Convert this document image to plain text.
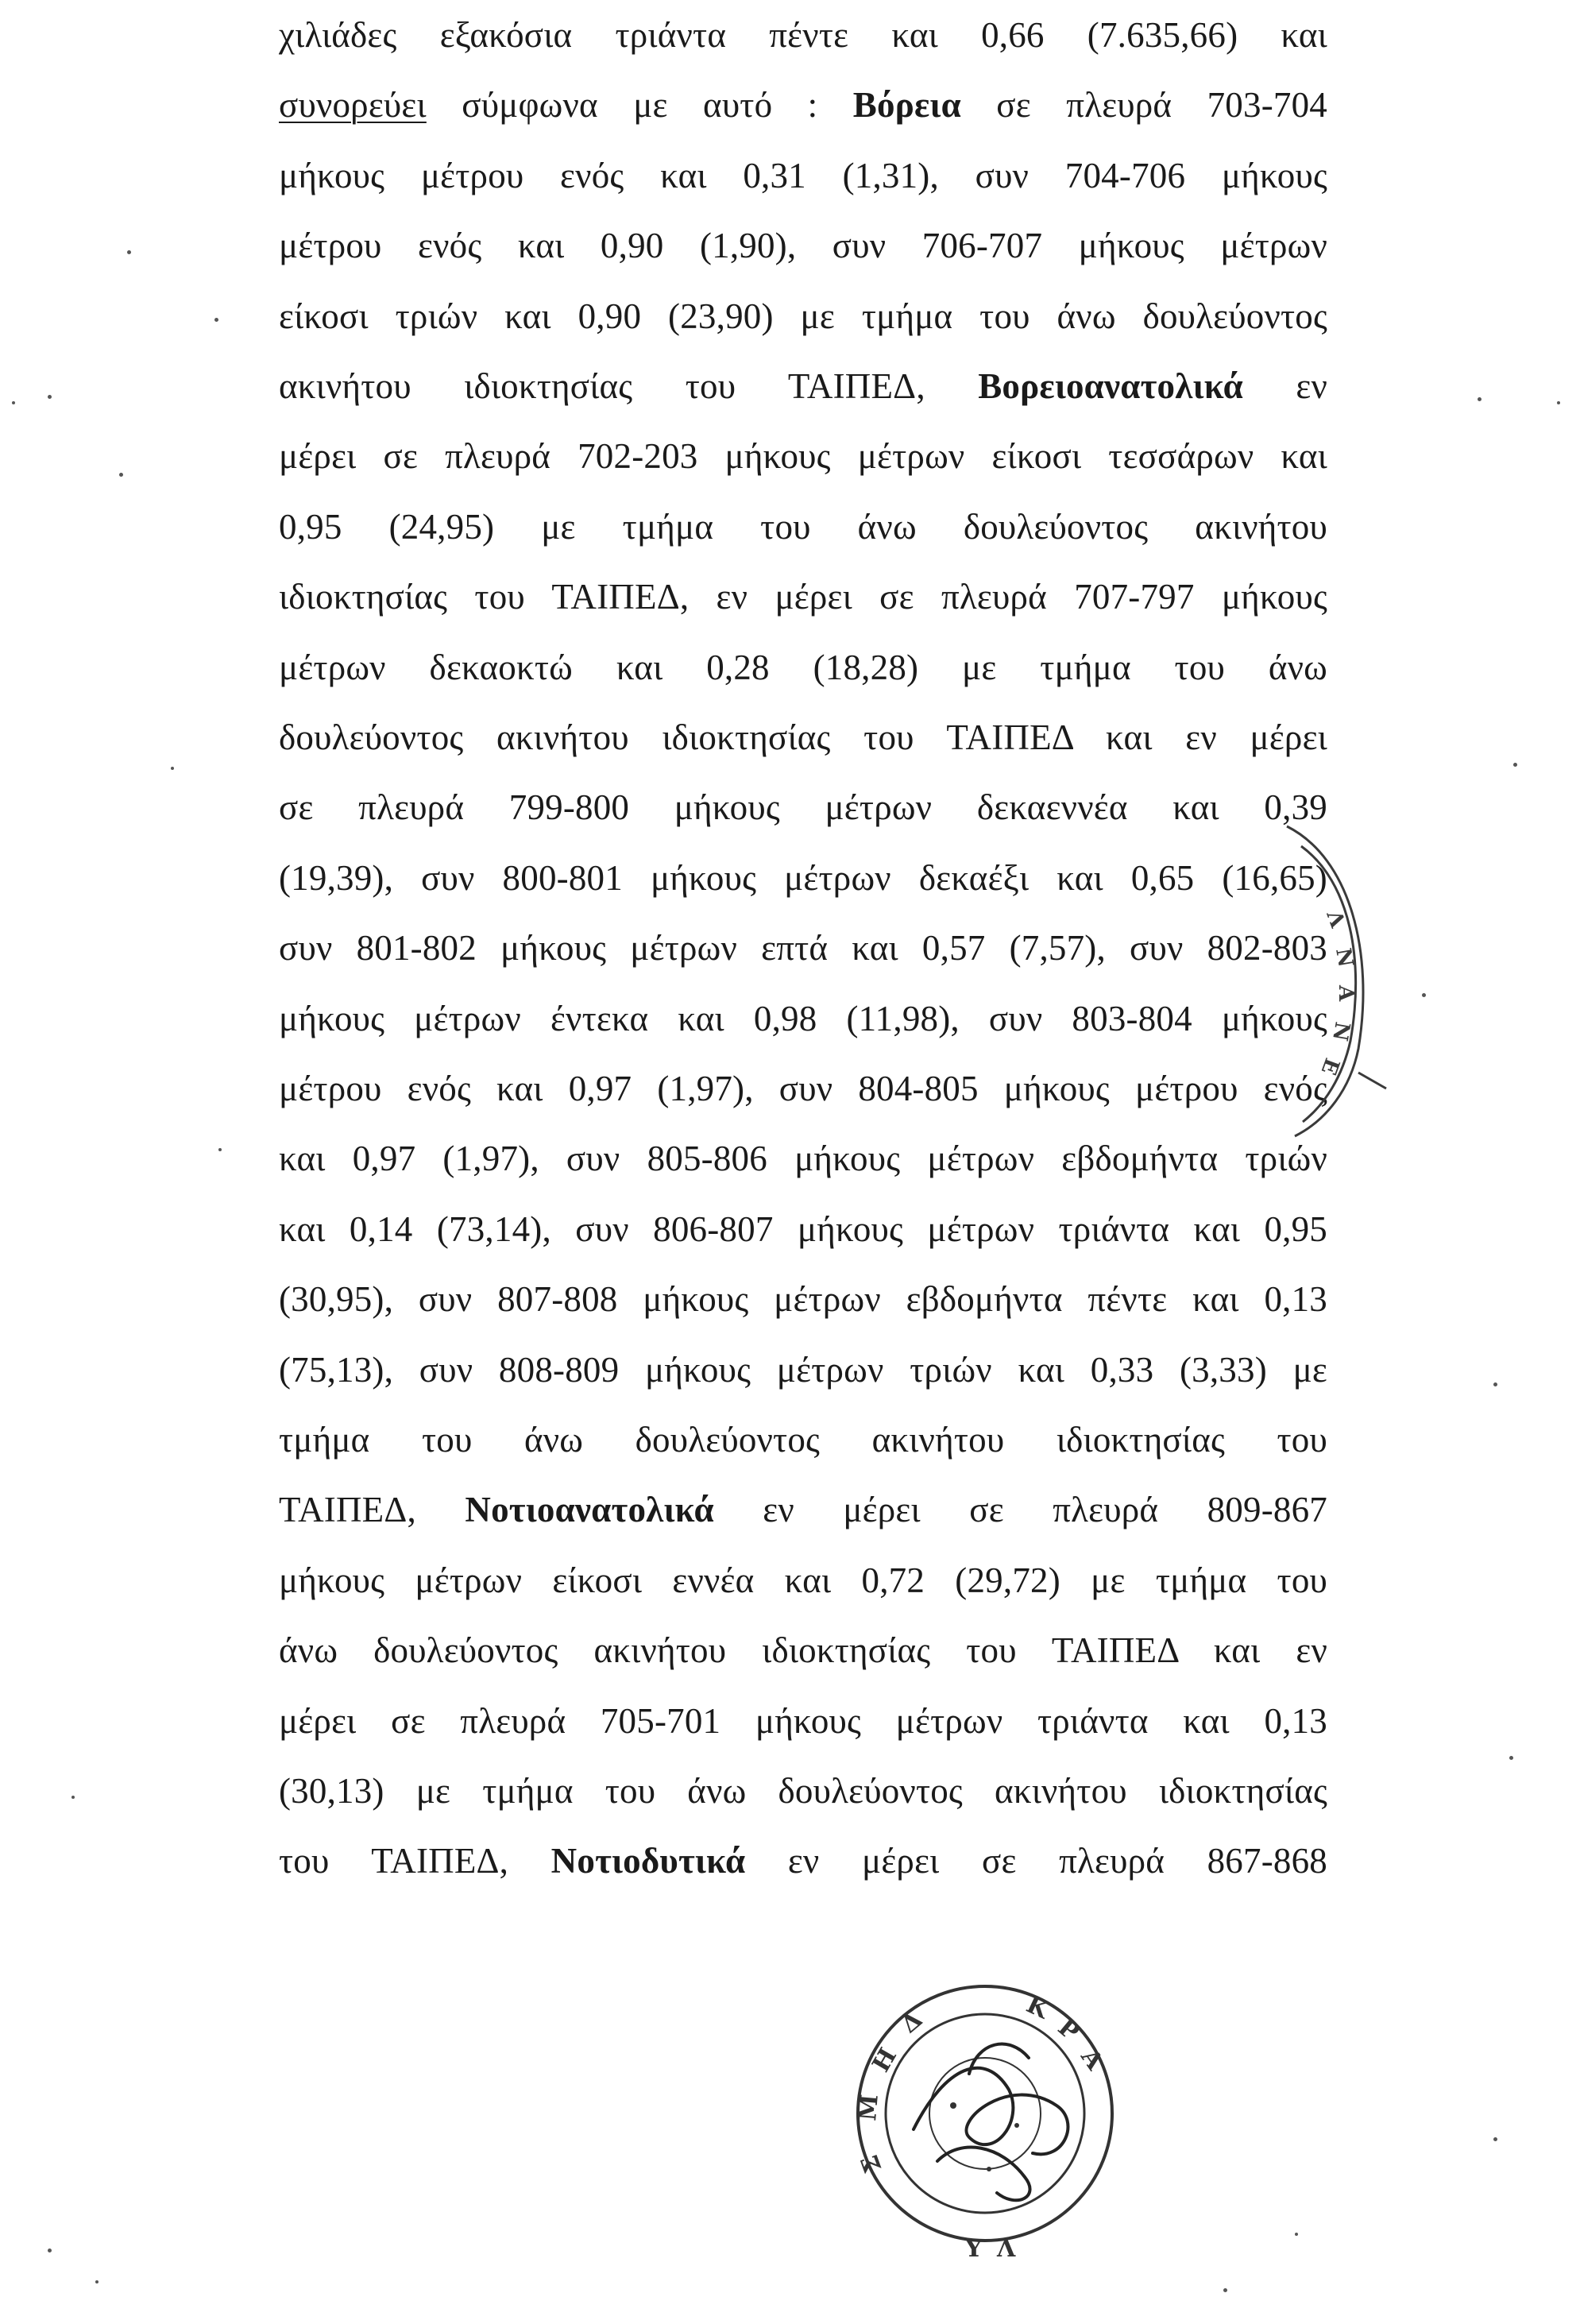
χιλιάδες εξακόσια τριάντα πέντε και 0,66 (7.635,66) και
συνορεύει σύμφωνα με αυτό : Βόρεια σε πλευρά 703-704
μήκους μέτρου ενός και 0,31 (1,31), συν 704-706 μήκους
μέτρου ενός και 0,90 (1,90), συν 706-707 μήκους μέτρων
είκοσι τριών και 0,90 (23,90) με τμήμα του άνω δουλεύοντος
ακινήτου ιδιοκτησίας του ΤΑΙΠΕΔ, Βορειοανατολικά εν
μέρει σε πλευρά 702-203 μήκους μέτρων είκοσι τεσσάρων και
0,95 (24,95) με τμήμα του άνω δουλεύοντος ακινήτου
ιδιοκτησίας του ΤΑΙΠΕΔ, εν μέρει σε πλευρά 707-797 μήκους
μέτρων δεκαοκτώ και 0,28 (18,28) με τμήμα του άνω
δουλεύοντος ακινήτου ιδιοκτησίας του ΤΑΙΠΕΔ και εν μέρει
σε πλευρά 799-800 μήκους μέτρων δεκαεννέα και 0,39
(19,39), συν 800-801 μήκους μέτρων δεκαέξι και 0,65 (16,65)
συν 801-802 μήκους μέτρων επτά και 0,57 (7,57), συν 802-803
μήκους μέτρων έντεκα και 0,98 (11,98), συν 803-804 μήκους
μέτρου ενός και 0,97 (1,97), συν 804-805 μήκους μέτρου ενός
και 0,97 (1,97), συν 805-806 μήκους μέτρων εβδομήντα τριών
και 0,14 (73,14), συν 806-807 μήκους μέτρων τριάντα και 0,95
(30,95), συν 807-808 μήκους μέτρων εβδομήντα πέντε και 0,13
(75,13), συν 808-809 μήκους μέτρων τριών και 0,33 (3,33) με
τμήμα του άνω δουλεύοντος ακινήτου ιδιοκτησίας του
ΤΑΙΠΕΔ, Νοτιοανατολικά εν μέρει σε πλευρά 809-867
μήκους μέτρων είκοσι εννέα και 0,72 (29,72) με τμήμα του
άνω δουλεύοντος ακινήτου ιδιοκτησίας του ΤΑΙΠΕΔ και εν
μέρει σε πλευρά 705-701 μήκους μέτρων τριάντα και 0,13
(30,13) με τμήμα του άνω δουλεύοντος ακινήτου ιδιοκτησίας
του ΤΑΙΠΕΔ, Νοτιοδυτικά εν μέρει σε πλευρά 867-868
Λ
Ν
Α
Ν
Ε
Κ
Ρ
Α
Δ
Η
Μ
Σ
Υ Λ
